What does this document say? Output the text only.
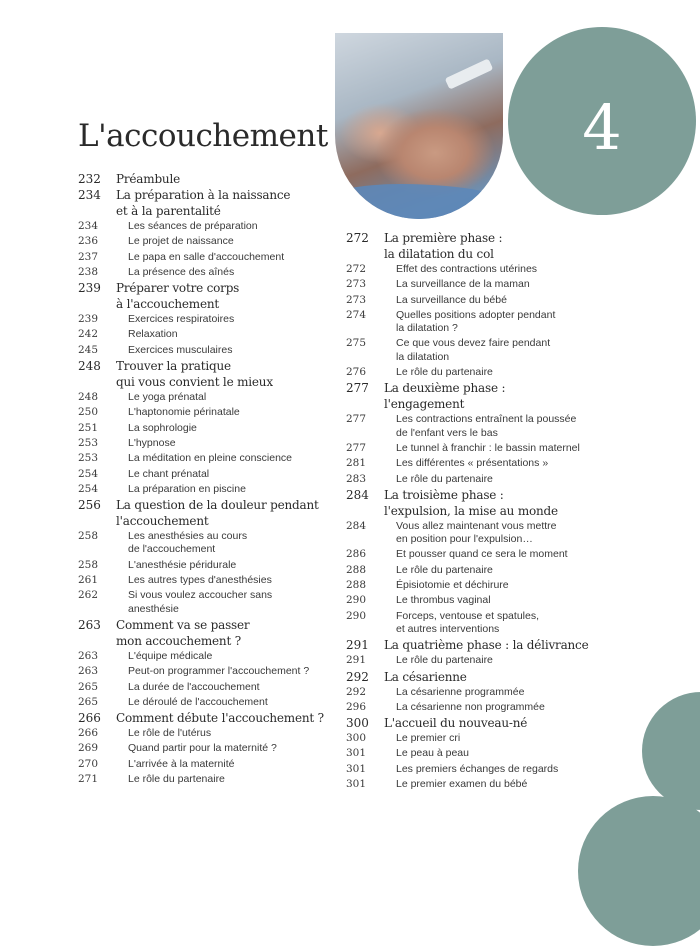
4
L'accouchement
232	Préambule
234	La préparation à la naissance
et à la parentalité
234	Les séances de préparation
236	Le projet de naissance
237	Le papa en salle d'accouchement
238	La présence des aînés
239	Préparer votre corps
à l'accouchement
239	Exercices respiratoires
242	Relaxation
245	Exercices musculaires
248	Trouver la pratique
qui vous convient le mieux
248	Le yoga prénatal
250	L'haptonomie périnatale
251	La sophrologie
253	L'hypnose
253	La méditation en pleine conscience
254	Le chant prénatal
254	La préparation en piscine
256	La question de la douleur pendant
l'accouchement
258	Les anesthésies au cours
de l'accouchement
258	L'anesthésie péridurale
261	Les autres types d'anesthésies
262	Si vous voulez accoucher sans
anesthésie
263	Comment va se passer
mon accouchement ?
263	L'équipe médicale
263	Peut-on programmer l'accouchement ?
265	La durée de l'accouchement
265	Le déroulé de l'accouchement
266	Comment débute l'accouchement ?
266	Le rôle de l'utérus
269	Quand partir pour la maternité ?
270	L'arrivée à la maternité
271	Le rôle du partenaire
272	La première phase :
la dilatation du col
272	Effet des contractions utérines
273	La surveillance de la maman
273	La surveillance du bébé
274	Quelles positions adopter pendant
la dilatation ?
275	Ce que vous devez faire pendant
la dilatation
276	Le rôle du partenaire
277	La deuxième phase :
l'engagement
277	Les contractions entraînent la poussée
de l'enfant vers le bas
277	Le tunnel à franchir : le bassin maternel
281	Les différentes « présentations »
283	Le rôle du partenaire
284	La troisième phase :
l'expulsion, la mise au monde
284	Vous allez maintenant vous mettre
en position pour l'expulsion…
286	Et pousser quand ce sera le moment
288	Le rôle du partenaire
288	Épisiotomie et déchirure
290	Le thrombus vaginal
290	Forceps, ventouse et spatules,
et autres interventions
291	La quatrième phase : la délivrance
291	Le rôle du partenaire
292	La césarienne
292	La césarienne programmée
296	La césarienne non programmée
300	L'accueil du nouveau-né
300	Le premier cri
301	Le peau à peau
301	Les premiers échanges de regards
301	Le premier examen du bébé
